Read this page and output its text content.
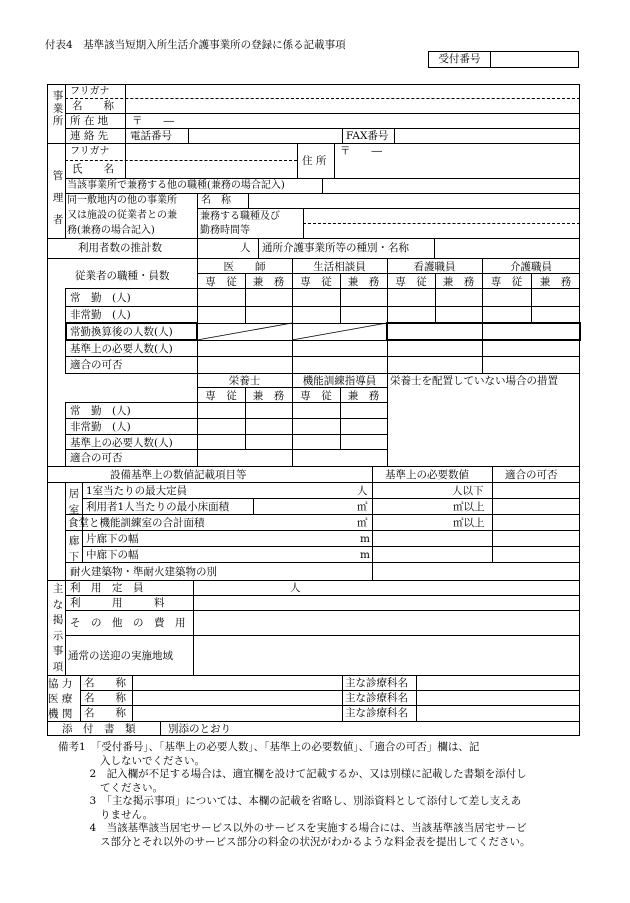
付表4　基準該当短期入所生活介護事業所の登録に係る記載事項
受付番号
事
業
所
フリガナ
名　　称
所 在 地 〒　　―
連 絡 先 電話番号	FAX番号
管
理
者
フリガナ
氏　　名
住 所
〒　　―
当該事業所で兼務する他の職種(兼務の場合記入)
同一敷地内の他の事業所
又は施設の従業者との兼
務(兼務の場合記入)
名　称
兼務する職種及び
勤務時間等
利用者数の推計数	人 通所介護事業所等の種別・名称
従業者の職種・員数
医　　師	生活相談員	看護職員	介護職員
専　従	兼　務	専　従	兼　務	専　従	兼　務	専　従	兼　務
常　勤　(人)
非常勤　(人)
常勤換算後の人数(人)
基準上の必要人数(人)
適合の可否
栄養士	機能訓練指導員	栄養士を配置していない場合の措置
専　従	兼　務	専　従	兼　務
常　勤　(人)
非常勤　(人)
基準上の必要人数(人)
適合の可否
設備基準上の数値記載項目等	基準上の必要数値	適合の可否
居
室
廊
下
1室当たりの最大定員	人	人以下
利用者1人当たりの最小床面積	㎡	㎡以上
食堂と機能訓練室の合計面積	㎡	㎡以上
片廊下の幅	m
中廊下の幅	m
耐火建築物・準耐火建築物の別
主
な
掲
示
事
項
利　用　定　員	人
利　　　用　　　料
そ　の　他　の　費　用
通常の送迎の実施地域
協 力
医 療
機 関
名　　称
名　　称
名　　称
主な診療科名
主な診療科名
主な診療科名
添　付　書　類	別添のとおり
備考1　「受付番号」、「基準上の必要人数」、「基準上の必要数値」、「適合の可否」欄は、記
　　　　入しないでください。
　　　2　記入欄が不足する場合は、適宜欄を設けて記載するか、又は別様に記載した書類を添付し
　　　　てください。
　　　3　「主な掲示事項」については、本欄の記載を省略し、別添資料として添付して差し支えあ
　　　　りません。
　　　4　当該基準該当居宅サービス以外のサービスを実施する場合には、当該基準該当居宅サービ
　　　　ス部分とそれ以外のサービス部分の料金の状況がわかるような料金表を提出してください。
